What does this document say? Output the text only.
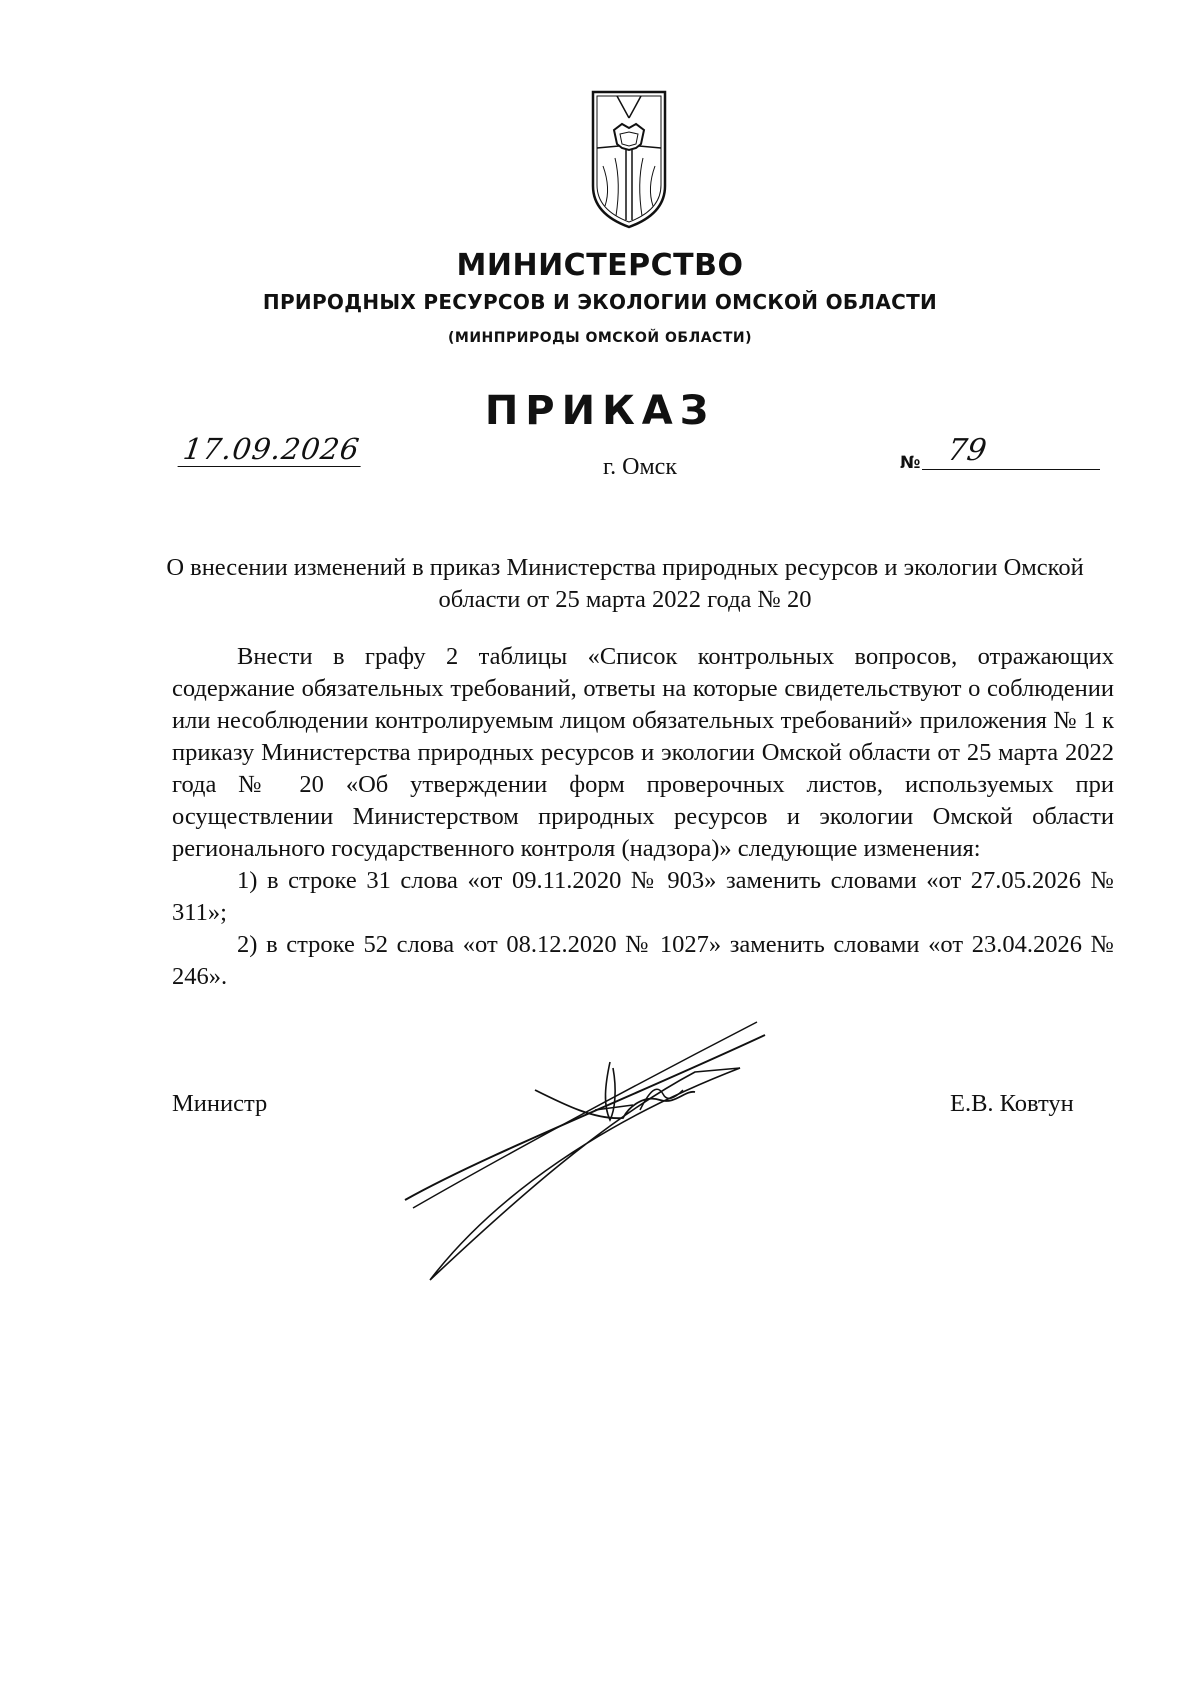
МИНИСТЕРСТВО
ПРИРОДНЫХ РЕСУРСОВ И ЭКОЛОГИИ ОМСКОЙ ОБЛАСТИ
(МИНПРИРОДЫ ОМСКОЙ ОБЛАСТИ)
ПРИКАЗ
17.09.2026
г. Омск	№ 79

О внесении изменений в приказ Министерства природных ресурсов и экологии Омской области от 25 марта 2022 года № 20

Внести в графу 2 таблицы «Список контрольных вопросов, отражающих содержание обязательных требований, ответы на которые свидетельствуют о соблюдении или несоблюдении контролируемым лицом обязательных требований» приложения № 1 к приказу Министерства природных ресурсов и экологии Омской области от 25 марта 2022 года № 20 «Об утверждении форм проверочных листов, используемых при осуществлении Министерством природных ресурсов и экологии Омской области регионального государственного контроля (надзора)» следующие изменения:

1) в строке 31 слова «от 09.11.2020 № 903» заменить словами «от 27.05.2026 № 311»;

2) в строке 52 слова «от 08.12.2020 № 1027» заменить словами «от 23.04.2026 № 246».

Министр	Е.В. Ковтун
